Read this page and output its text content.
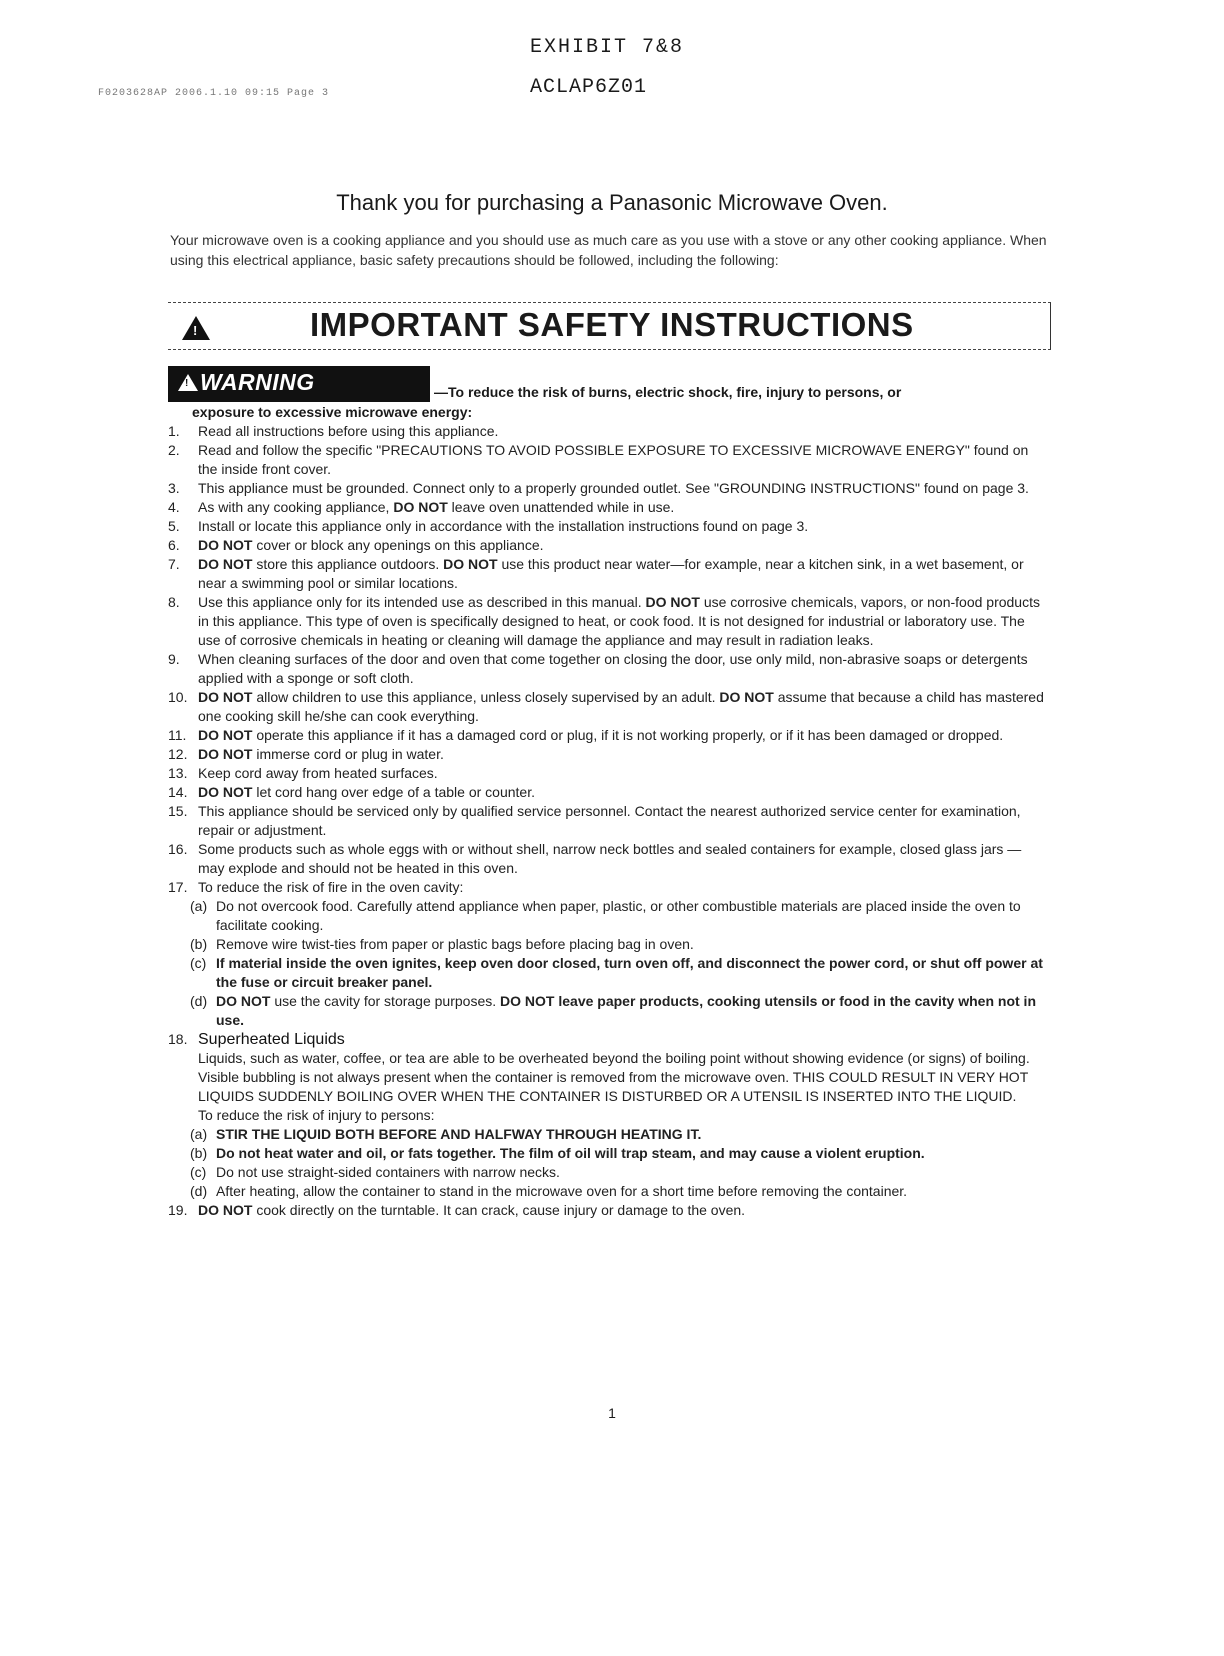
EXHIBIT 7&8
ACLAP6Z01
F0203628AP 2006.1.10 09:15 Page 3
Thank you for purchasing a Panasonic Microwave Oven.
Your microwave oven is a cooking appliance and you should use as much care as you use with a stove or any other cooking appliance. When using this electrical appliance, basic safety precautions should be followed, including the following:
!	IMPORTANT SAFETY INSTRUCTIONS
! WARNING	—To reduce the risk of burns, electric shock, fire, injury to persons, or
exposure to excessive microwave energy:
1. Read all instructions before using this appliance.
2. Read and follow the specific "PRECAUTIONS TO AVOID POSSIBLE EXPOSURE TO EXCESSIVE MICROWAVE ENERGY" found on the inside front cover.
3. This appliance must be grounded. Connect only to a properly grounded outlet. See "GROUNDING INSTRUCTIONS" found on page 3.
4. As with any cooking appliance, DO NOT leave oven unattended while in use.
5. Install or locate this appliance only in accordance with the installation instructions found on page 3.
6. DO NOT cover or block any openings on this appliance.
7. DO NOT store this appliance outdoors. DO NOT use this product near water—for example, near a kitchen sink, in a wet basement, or near a swimming pool or similar locations.
8. Use this appliance only for its intended use as described in this manual. DO NOT use corrosive chemicals, vapors, or non-food products in this appliance. This type of oven is specifically designed to heat, or cook food. It is not designed for industrial or laboratory use. The use of corrosive chemicals in heating or cleaning will damage the appliance and may result in radiation leaks.
9. When cleaning surfaces of the door and oven that come together on closing the door, use only mild, non-abrasive soaps or detergents applied with a sponge or soft cloth.
10. DO NOT allow children to use this appliance, unless closely supervised by an adult. DO NOT assume that because a child has mastered one cooking skill he/she can cook everything.
11. DO NOT operate this appliance if it has a damaged cord or plug, if it is not working properly, or if it has been damaged or dropped.
12. DO NOT immerse cord or plug in water.
13. Keep cord away from heated surfaces.
14. DO NOT let cord hang over edge of a table or counter.
15. This appliance should be serviced only by qualified service personnel. Contact the nearest authorized service center for examination, repair or adjustment.
16. Some products such as whole eggs with or without shell, narrow neck bottles and sealed containers for example, closed glass jars — may explode and should not be heated in this oven.
17. To reduce the risk of fire in the oven cavity:
(a) Do not overcook food. Carefully attend appliance when paper, plastic, or other combustible materials are placed inside the oven to facilitate cooking.
(b) Remove wire twist-ties from paper or plastic bags before placing bag in oven.
(c) If material inside the oven ignites, keep oven door closed, turn oven off, and disconnect the power cord, or shut off power at the fuse or circuit breaker panel.
(d) DO NOT use the cavity for storage purposes. DO NOT leave paper products, cooking utensils or food in the cavity when not in use.
18. Superheated Liquids
Liquids, such as water, coffee, or tea are able to be overheated beyond the boiling point without showing evidence (or signs) of boiling. Visible bubbling is not always present when the container is removed from the microwave oven. THIS COULD RESULT IN VERY HOT LIQUIDS SUDDENLY BOILING OVER WHEN THE CONTAINER IS DISTURBED OR A UTENSIL IS INSERTED INTO THE LIQUID.
To reduce the risk of injury to persons:
(a) STIR THE LIQUID BOTH BEFORE AND HALFWAY THROUGH HEATING IT.
(b) Do not heat water and oil, or fats together. The film of oil will trap steam, and may cause a violent eruption.
(c) Do not use straight-sided containers with narrow necks.
(d) After heating, allow the container to stand in the microwave oven for a short time before removing the container.
19. DO NOT cook directly on the turntable. It can crack, cause injury or damage to the oven.
1
